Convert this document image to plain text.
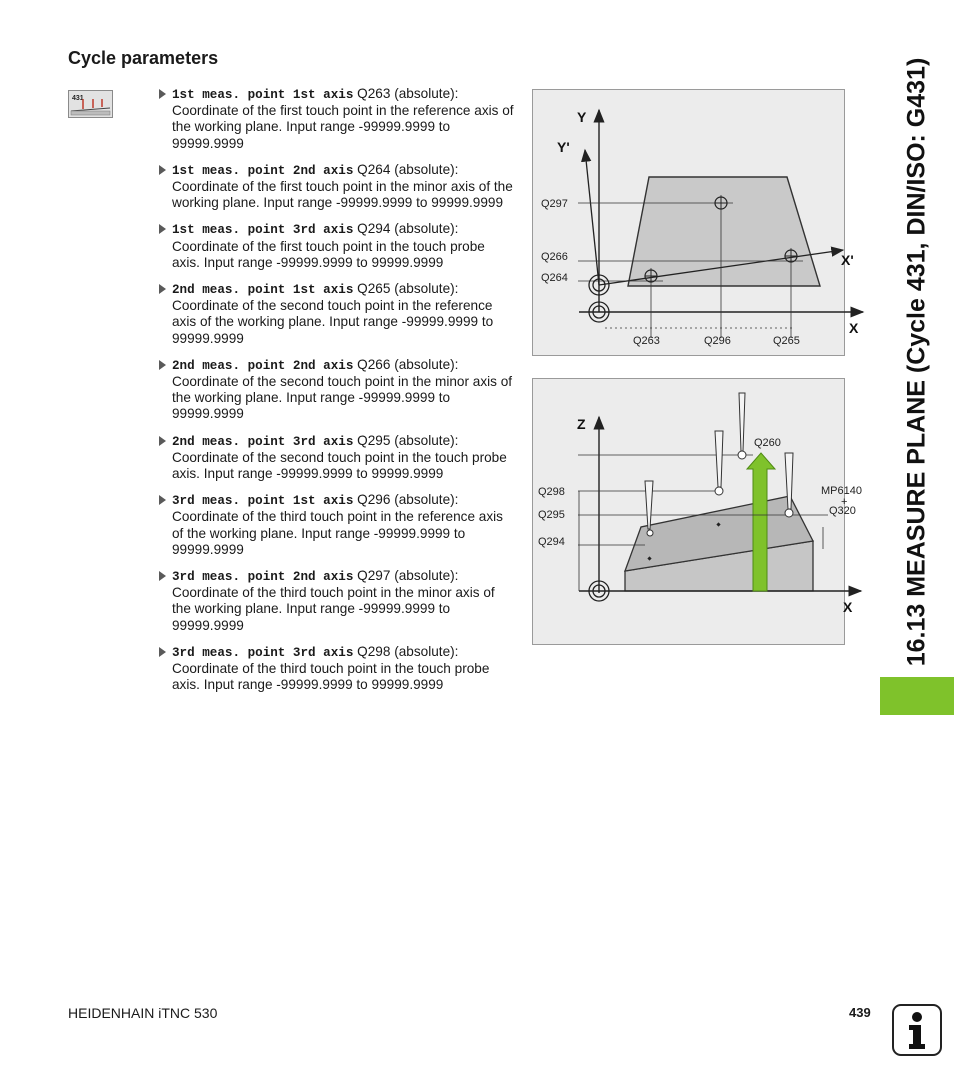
Cycle parameters
431	1st meas. point 1st axis Q263 (absolute): Coordinate of the first touch point in the reference axis of the working plane. Input range -99999.9999 to 99999.9999
1st meas. point 2nd axis Q264 (absolute): Coordinate of the first touch point in the minor axis of the working plane. Input range -99999.9999 to 99999.9999
1st meas. point 3rd axis Q294 (absolute): Coordinate of the first touch point in the touch probe axis. Input range -99999.9999 to 99999.9999
2nd meas. point 1st axis Q265 (absolute): Coordinate of the second touch point in the reference axis of the working plane. Input range -99999.9999 to 99999.9999
2nd meas. point 2nd axis Q266 (absolute): Coordinate of the second touch point in the minor axis of the working plane. Input range -99999.9999 to 99999.9999
2nd meas. point 3rd axis Q295 (absolute): Coordinate of the second touch point in the touch probe axis. Input range -99999.9999 to 99999.9999
3rd meas. point 1st axis Q296 (absolute): Coordinate of the third touch point in the reference axis of the working plane. Input range -99999.9999 to 99999.9999
3rd meas. point 2nd axis Q297 (absolute): Coordinate of the third touch point in the minor axis of the working plane. Input range -99999.9999 to 99999.9999
3rd meas. point 3rd axis Q298 (absolute): Coordinate of the third touch point in the touch probe axis. Input range -99999.9999 to 99999.9999
Y
Y'
X'
X
Q297
Q266
Q264
Q263	Q296	Q265
Z
X
Q260
Q298
Q295
Q294
MP6140
+
Q320 16.13 MEASURE PLANE (Cycle 431, DIN/ISO: G431)
HEIDENHAIN iTNC 530	439
